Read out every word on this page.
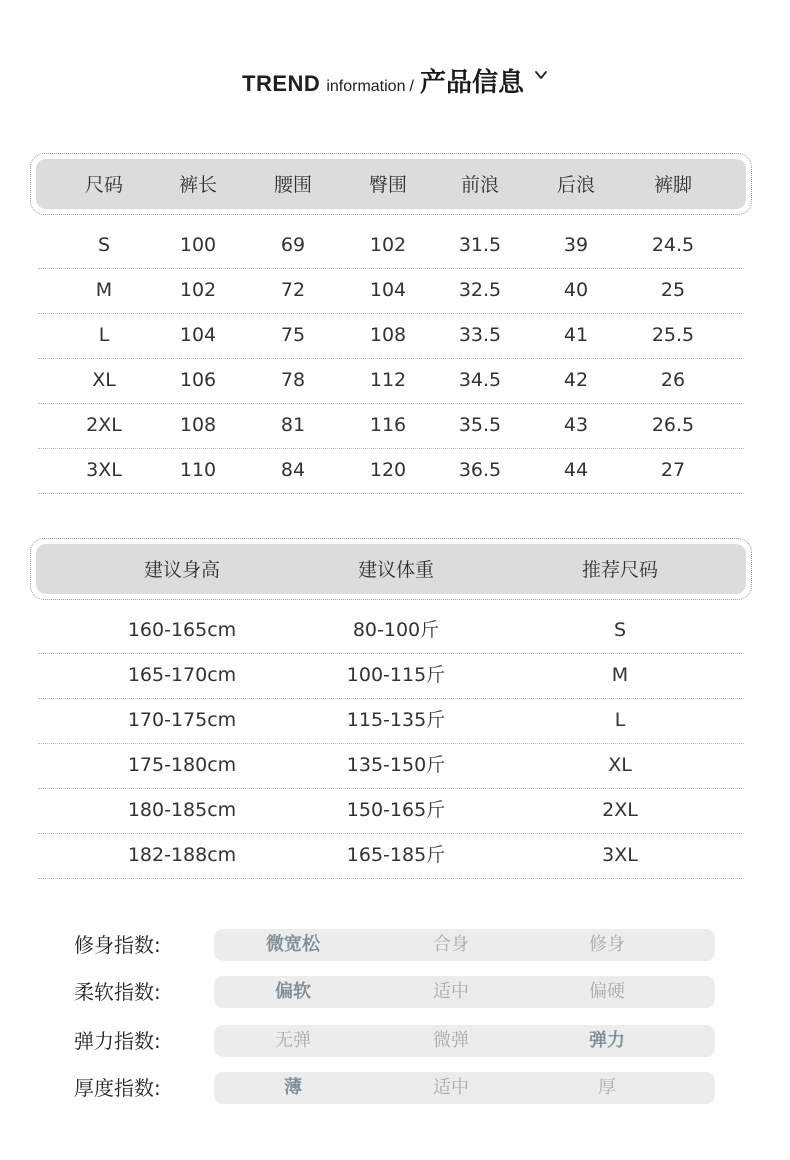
TREND information / 产品信息
尺码	裤长	腰围	臀围	前浪	后浪	裤脚
S	100	69	102	31.5	39	24.5
M	102	72	104	32.5	40	25
L	104	75	108	33.5	41	25.5
XL	106	78	112	34.5	42	26
2XL	108	81	116	35.5	43	26.5
3XL	110	84	120	36.5	44	27
建议身高	建议体重	推荐尺码
160-165cm	80-100斤	S
165-170cm	100-115斤	M
170-175cm	115-135斤	L
175-180cm	135-150斤	XL
180-185cm	150-165斤	2XL
182-188cm	165-185斤	3XL
修身指数:	微宽松	合身	修身
柔软指数:	偏软	适中	偏硬
弹力指数:	无弹	微弹	弹力
厚度指数:	薄	适中	厚
